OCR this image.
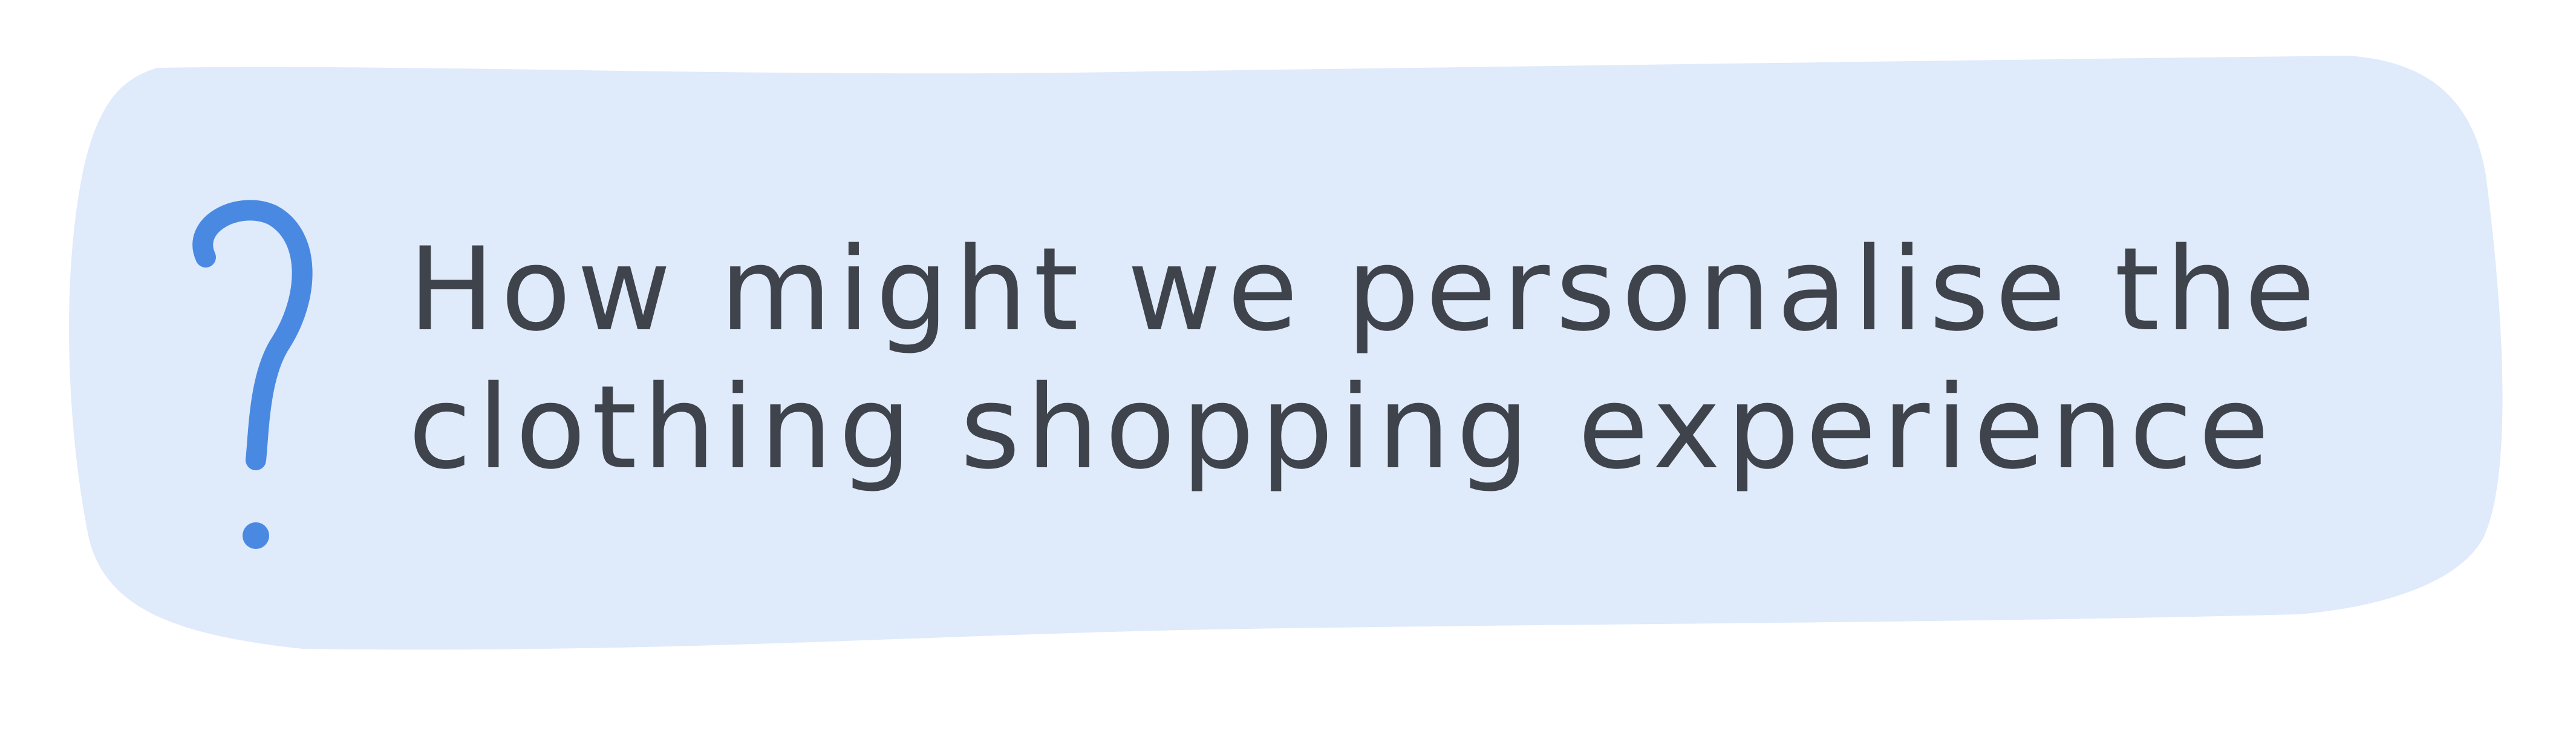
How might we personalise the clothing shopping experience
